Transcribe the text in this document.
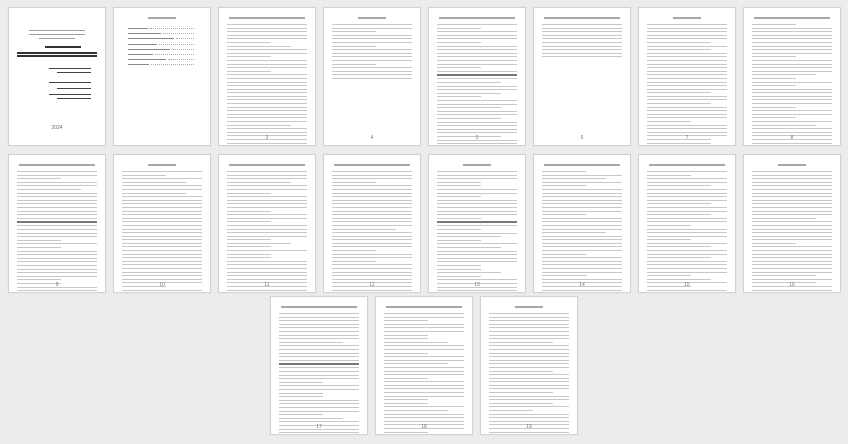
2024
3	4	5	6	7	8
9	10	11	12	13	14	15	16
17	18	19
